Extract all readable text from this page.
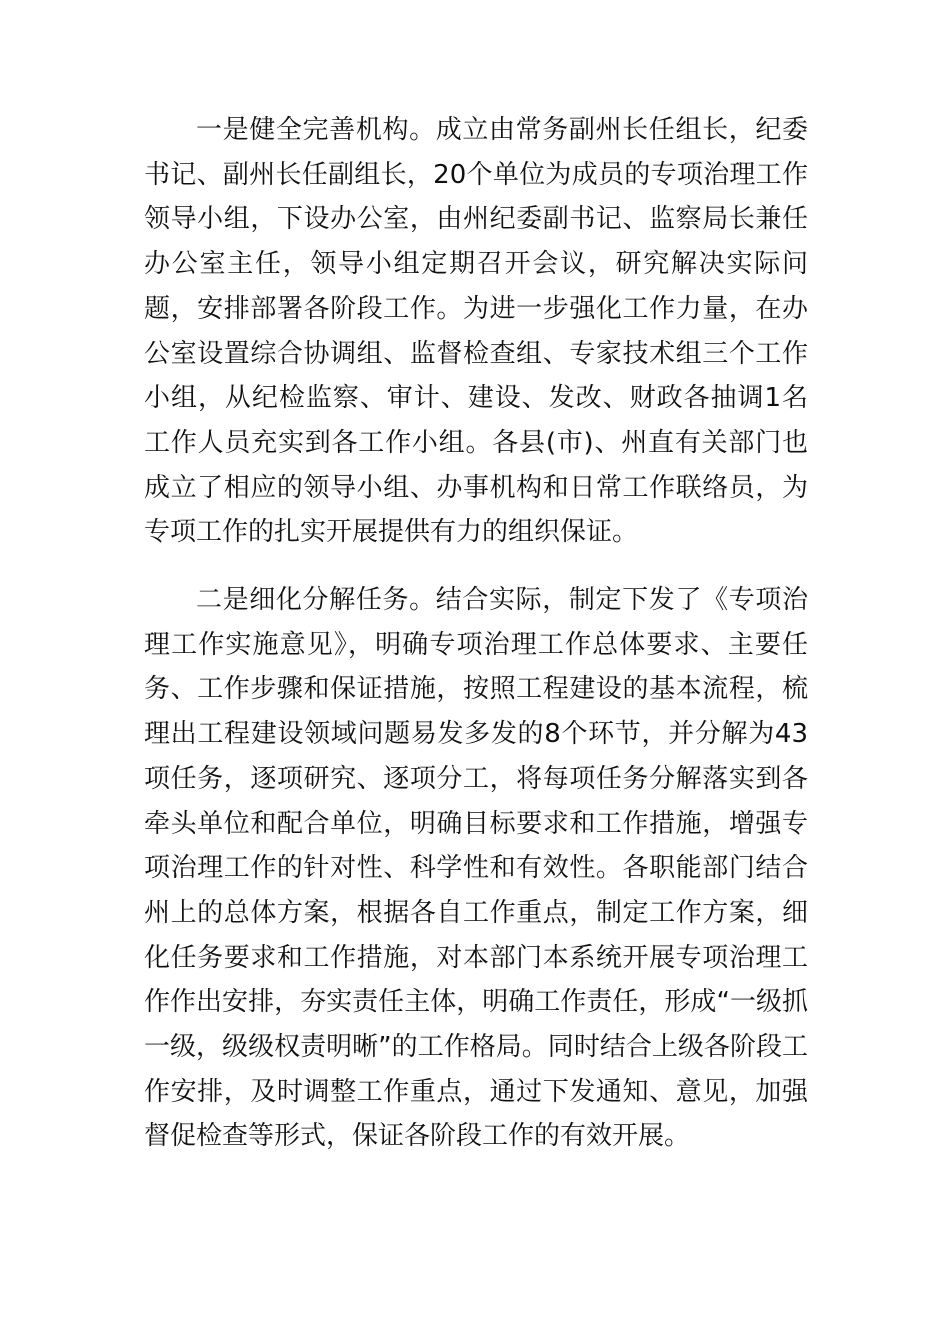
一是健全完善机构。成立由常务副州长任组长，纪委书记、副州长任副组长，20个单位为成员的专项治理工作领导小组，下设办公室，由州纪委副书记、监察局长兼任办公室主任，领导小组定期召开会议，研究解决实际问题，安排部署各阶段工作。为进一步强化工作力量，在办公室设置综合协调组、监督检查组、专家技术组三个工作小组，从纪检监察、审计、建设、发改、财政各抽调1名工作人员充实到各工作小组。各县(市)、州直有关部门也成立了相应的领导小组、办事机构和日常工作联络员，为专项工作的扎实开展提供有力的组织保证。

二是细化分解任务。结合实际，制定下发了《专项治理工作实施意见》，明确专项治理工作总体要求、主要任务、工作步骤和保证措施，按照工程建设的基本流程，梳理出工程建设领域问题易发多发的8个环节，并分解为43项任务，逐项研究、逐项分工，将每项任务分解落实到各牵头单位和配合单位，明确目标要求和工作措施，增强专项治理工作的针对性、科学性和有效性。各职能部门结合州上的总体方案，根据各自工作重点，制定工作方案，细化任务要求和工作措施，对本部门本系统开展专项治理工作作出安排，夯实责任主体，明确工作责任，形成“一级抓一级，级级权责明晰”的工作格局。同时结合上级各阶段工作安排，及时调整工作重点，通过下发通知、意见，加强督促检查等形式，保证各阶段工作的有效开展。
